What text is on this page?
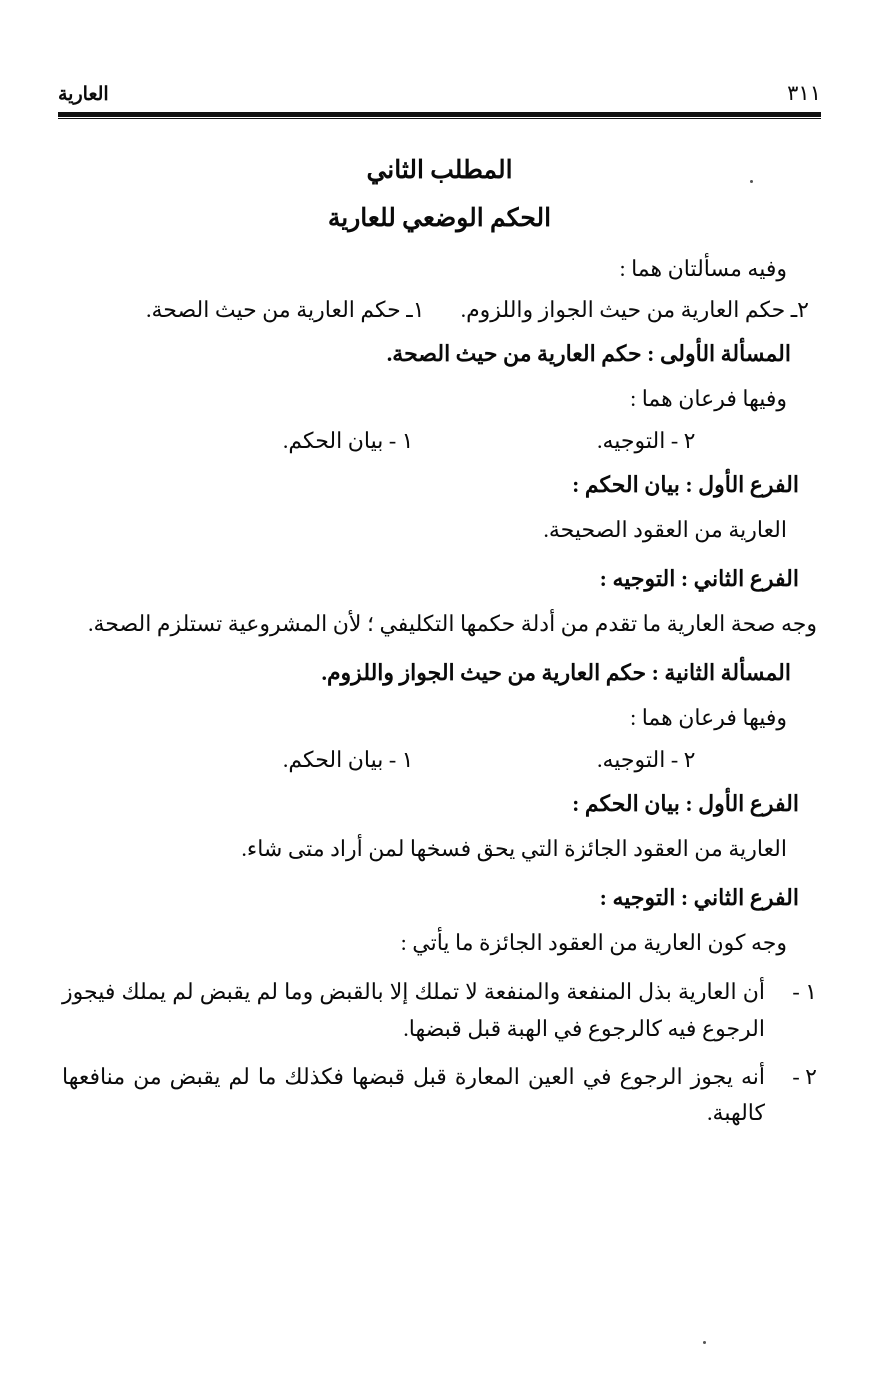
العارية	٣١١
المطلب الثاني
الحكم الوضعي للعارية

وفيه مسألتان هما :

٢ـ حكم العارية من حيث الجواز واللزوم.
١ـ حكم العارية من حيث الصحة.
المسألة الأولى : حكم العارية من حيث الصحة.

وفيها فرعان هما :

٢ - التوجيه.
١ - بيان الحكم.
الفرع الأول : بيان الحكم :

العارية من العقود الصحيحة.

الفرع الثاني : التوجيه :

وجه صحة العارية ما تقدم من أدلة حكمها التكليفي ؛ لأن المشروعية تستلزم الصحة.

المسألة الثانية : حكم العارية من حيث الجواز واللزوم.

وفيها فرعان هما :

٢ - التوجيه.
١ - بيان الحكم.
الفرع الأول : بيان الحكم :

العارية من العقود الجائزة التي يحق فسخها لمن أراد متى شاء.

الفرع الثاني : التوجيه :

وجه كون العارية من العقود الجائزة ما يأتي :

١ -
أن العارية بذل المنفعة والمنفعة لا تملك إلا بالقبض وما لم يقبض لم يملك فيجوز الرجوع فيه كالرجوع في الهبة قبل قبضها.
٢ -
أنه يجوز الرجوع في العين المعارة قبل قبضها فكذلك ما لم يقبض من منافعها كالهبة.
